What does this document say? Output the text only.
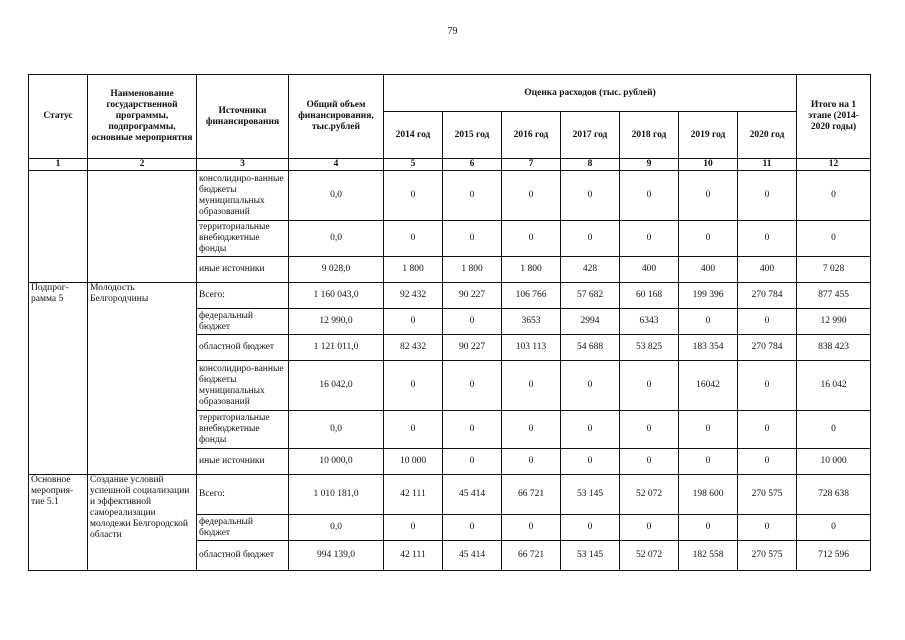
79
Статус	Наименование государственной программы, подпрограммы, основные мероприятия	Источники финансирования	Общий объем финансирования, тыс.рублей	Оценка расходов (тыс. рублей)							Итого на 1 этапе (2014-2020 годы)
				2014 год	2015 год	2016 год	2017 год	2018 год	2019 год	2020 год	
1	2	3	4	5	6	7	8	9	10	11	12
		консолидиро-ванные бюджеты муниципальных образований	0,0	0	0	0	0	0	0	0	0
		территориальные внебюджетные фонды	0,0	0	0	0	0	0	0	0	0
		иные источники	9 028,0	1 800	1 800	1 800	428	400	400	400	7 028
Подпрог-рамма 5	Молодость Белгородчины	Всего:	1 160 043,0	92 432	90 227	106 766	57 682	60 168	199 396	270 784	877 455
		федеральный бюджет	12 990,0	0	0	3653	2994	6343	0	0	12 990
		областной бюджет	1 121 011,0	82 432	90 227	103 113	54 688	53 825	183 354	270 784	838 423
		консолидиро-ванные бюджеты муниципальных образований	16 042,0	0	0	0	0	0	16042	0	16 042
		территориальные внебюджетные фонды	0,0	0	0	0	0	0	0	0	0
		иные источники	10 000,0	10 000	0	0	0	0	0	0	10 000
Основное мероприя-тие 5.1	Создание условий успешной социализации и эффективной самореализации молодежи Белгородской области	Всего:	1 010 181,0	42 111	45 414	66 721	53 145	52 072	198 600	270 575	728 638
		федеральный бюджет	0,0	0	0	0	0	0	0	0	0
		областной бюджет	994 139,0	42 111	45 414	66 721	53 145	52 072	182 558	270 575	712 596
